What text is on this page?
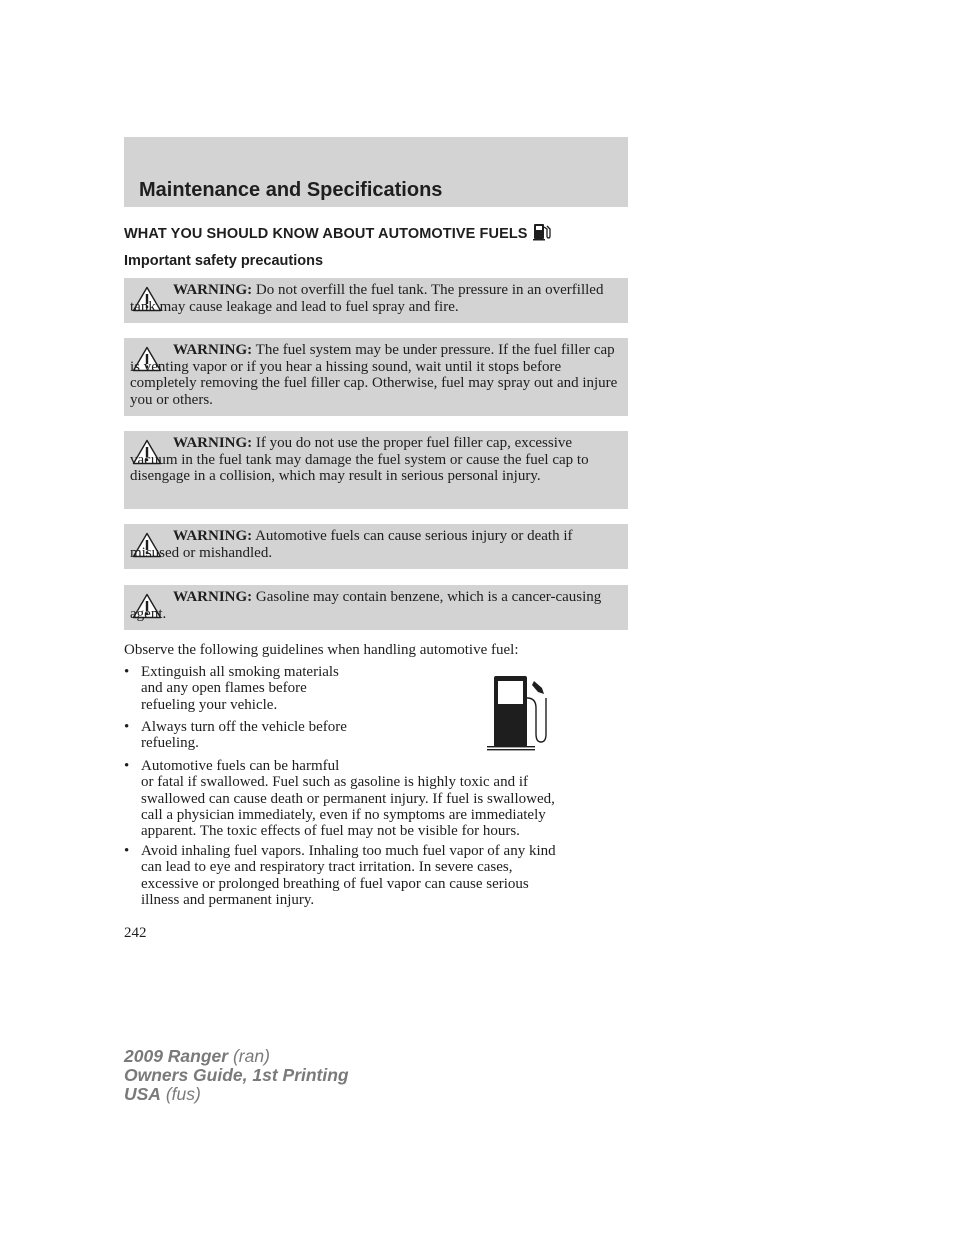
Maintenance and Specifications
WHAT YOU SHOULD KNOW ABOUT AUTOMOTIVE FUELS
Important safety precautions

WARNING: Do not overfill the fuel tank. The pressure in an overfilled tank may cause leakage and lead to fuel spray and fire.

WARNING: The fuel system may be under pressure. If the fuel filler cap is venting vapor or if you hear a hissing sound, wait until it stops before completely removing the fuel filler cap. Otherwise, fuel may spray out and injure you or others.

WARNING: If you do not use the proper fuel filler cap, excessive vacuum in the fuel tank may damage the fuel system or cause the fuel cap to disengage in a collision, which may result in serious personal injury.

WARNING: Automotive fuels can cause serious injury or death if misused or mishandled.

WARNING: Gasoline may contain benzene, which is a cancer-causing agent.

Observe the following guidelines when handling automotive fuel:

• Extinguish all smoking materials
and any open flames before
refueling your vehicle.
• Always turn off the vehicle before
refueling.
• Automotive fuels can be harmful
or fatal if swallowed. Fuel such as gasoline is highly toxic and if
swallowed can cause death or permanent injury. If fuel is swallowed,
call a physician immediately, even if no symptoms are immediately
apparent. The toxic effects of fuel may not be visible for hours.
• Avoid inhaling fuel vapors. Inhaling too much fuel vapor of any kind
can lead to eye and respiratory tract irritation. In severe cases,
excessive or prolonged breathing of fuel vapor can cause serious
illness and permanent injury.

242

2009 Ranger (ran)
Owners Guide, 1st Printing
USA (fus)
